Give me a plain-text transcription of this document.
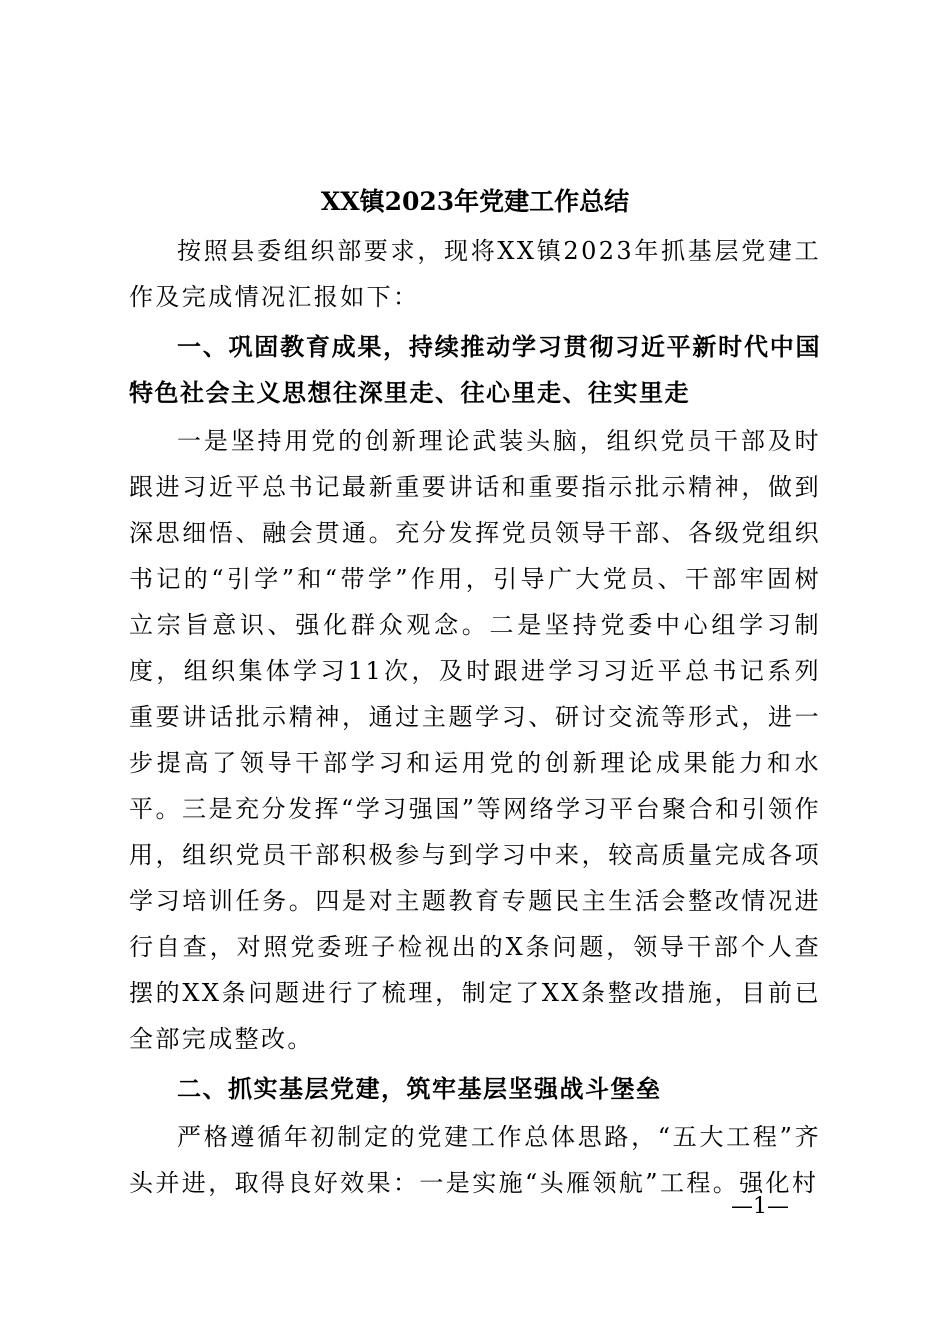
XX镇2023年党建工作总结

按照县委组织部要求，现将XX镇2023年抓基层党建工作及完成情况汇报如下：

一、巩固教育成果，持续推动学习贯彻习近平新时代中国特色社会主义思想往深里走、往心里走、往实里走

一是坚持用党的创新理论武装头脑，组织党员干部及时跟进习近平总书记最新重要讲话和重要指示批示精神，做到深思细悟、融会贯通。充分发挥党员领导干部、各级党组织书记的“引学”和“带学”作用，引导广大党员、干部牢固树立宗旨意识、强化群众观念。二是坚持党委中心组学习制度，组织集体学习11次，及时跟进学习习近平总书记系列重要讲话批示精神，通过主题学习、研讨交流等形式，进一步提高了领导干部学习和运用党的创新理论成果能力和水平。三是充分发挥“学习强国”等网络学习平台聚合和引领作用，组织党员干部积极参与到学习中来，较高质量完成各项学习培训任务。四是对主题教育专题民主生活会整改情况进行自查，对照党委班子检视出的X条问题，领导干部个人查摆的XX条问题进行了梳理，制定了XX条整改措施，目前已全部完成整改。

二、抓实基层党建，筑牢基层坚强战斗堡垒

严格遵循年初制定的党建工作总体思路，“五大工程”齐头并进，取得良好效果：一是实施“头雁领航”工程。强化村

—1—
